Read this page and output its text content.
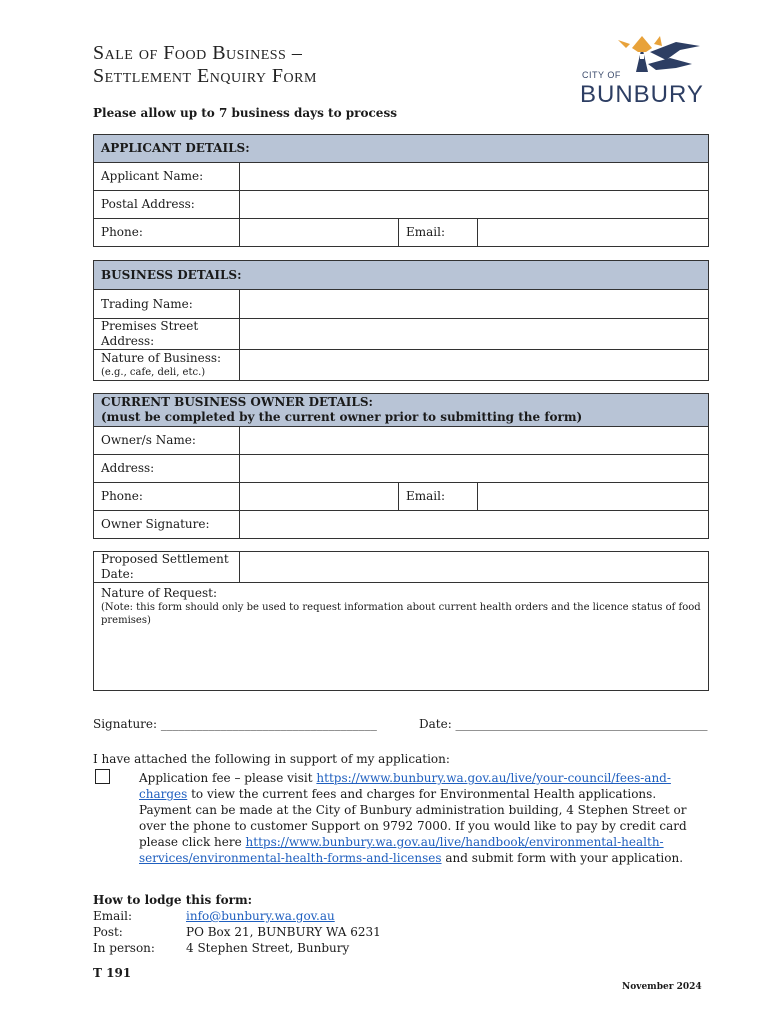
Sale of Food Business –
Settlement Enquiry Form	CITY OF
BUNBURY
Please allow up to 7 business days to process
APPLICANT DETAILS:			
Applicant Name:			
Postal Address:			
Phone:		Email:	
BUSINESS DETAILS:	
Trading Name:	
Premises Street Address:	

Nature of Business:
(e.g., cafe, deli, etc.)	

CURRENT BUSINESS OWNER DETAILS:
(must be completed by the current owner prior to submitting the form)			

Owner/s Name:			
Address:			
Phone:		Email:	
Owner Signature:			
Proposed Settlement Date:	

Nature of Request:
(Note: this form should only be used to request information about current health orders and the licence status of food premises)
Signature: ____________________________________	Date: __________________________________________
I have attached the following in support of my application:
Application fee – please visit https://www.bunbury.wa.gov.au/live/your-council/fees-and-charges to view the current fees and charges for Environmental Health applications. Payment can be made at the City of Bunbury administration building, 4 Stephen Street or over the phone to customer Support on 9792 7000. If you would like to pay by credit card please click here https://www.bunbury.wa.gov.au/live/handbook/environmental-health-services/environmental-health-forms-and-licenses and submit form with your application.
How to lodge this form:
Email:	info@bunbury.wa.gov.au
Post:	PO Box 21, BUNBURY WA 6231
In person:	4 Stephen Street, Bunbury
T 191
November 2024
